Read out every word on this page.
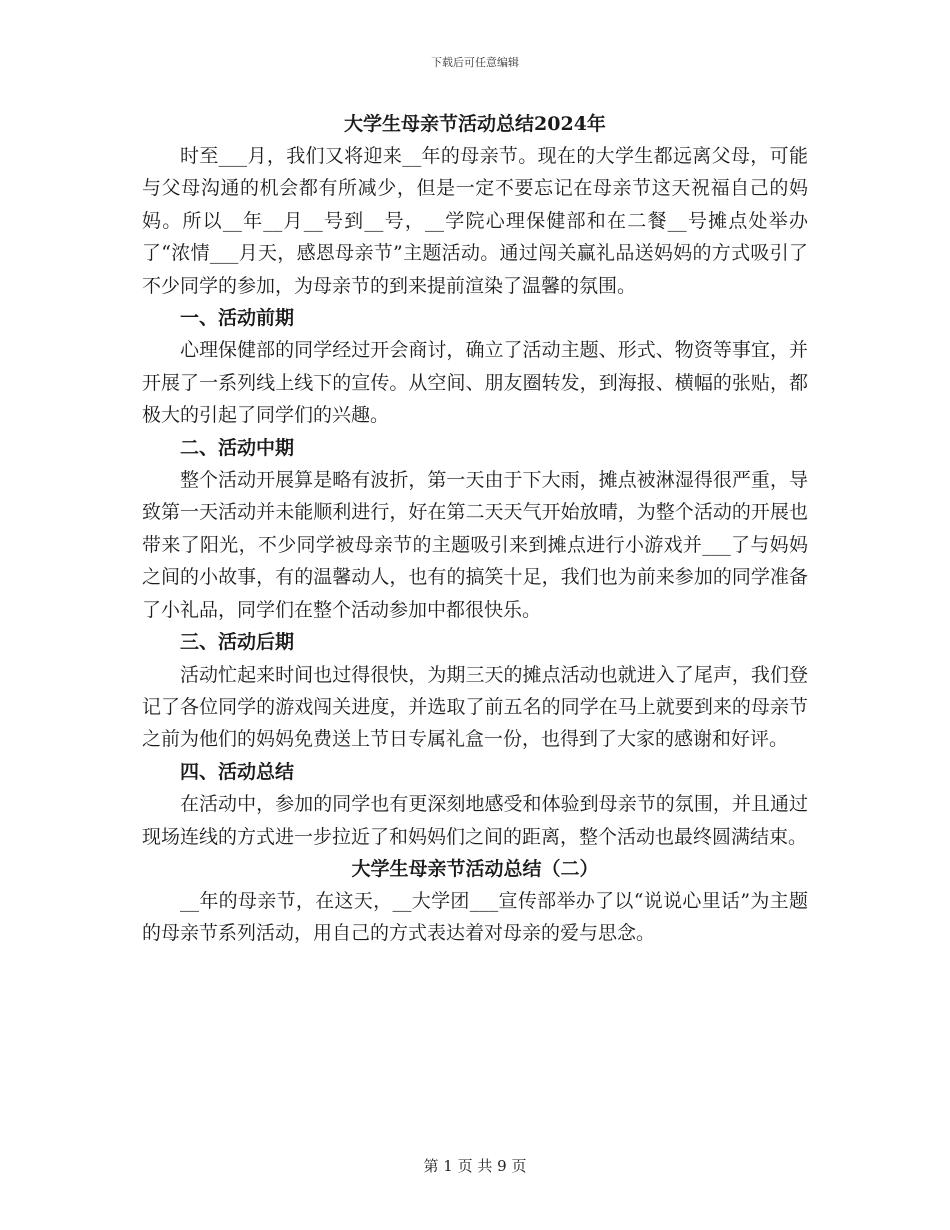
下载后可任意编辑
大学生母亲节活动总结2024年

时至___月，我们又将迎来__年的母亲节。现在的大学生都远离父母，可能与父母沟通的机会都有所减少，但是一定不要忘记在母亲节这天祝福自己的妈妈。所以__年__月__号到__号，__学院心理保健部和在二餐__号摊点处举办了“浓情___月天，感恩母亲节”主题活动。通过闯关赢礼品送妈妈的方式吸引了不少同学的参加，为母亲节的到来提前渲染了温馨的氛围。

一、活动前期

心理保健部的同学经过开会商讨，确立了活动主题、形式、物资等事宜，并开展了一系列线上线下的宣传。从空间、朋友圈转发，到海报、横幅的张贴，都极大的引起了同学们的兴趣。

二、活动中期

整个活动开展算是略有波折，第一天由于下大雨，摊点被淋湿得很严重，导致第一天活动并未能顺利进行，好在第二天天气开始放晴，为整个活动的开展也带来了阳光，不少同学被母亲节的主题吸引来到摊点进行小游戏并___了与妈妈之间的小故事，有的温馨动人，也有的搞笑十足，我们也为前来参加的同学准备了小礼品，同学们在整个活动参加中都很快乐。

三、活动后期

活动忙起来时间也过得很快，为期三天的摊点活动也就进入了尾声，我们登记了各位同学的游戏闯关进度，并选取了前五名的同学在马上就要到来的母亲节之前为他们的妈妈免费送上节日专属礼盒一份，也得到了大家的感谢和好评。

四、活动总结

在活动中，参加的同学也有更深刻地感受和体验到母亲节的氛围，并且通过现场连线的方式进一步拉近了和妈妈们之间的距离，整个活动也最终圆满结束。

大学生母亲节活动总结（二）

__年的母亲节，在这天，__大学团___宣传部举办了以“说说心里话”为主题的母亲节系列活动，用自己的方式表达着对母亲的爱与思念。

第 1 页 共 9 页
